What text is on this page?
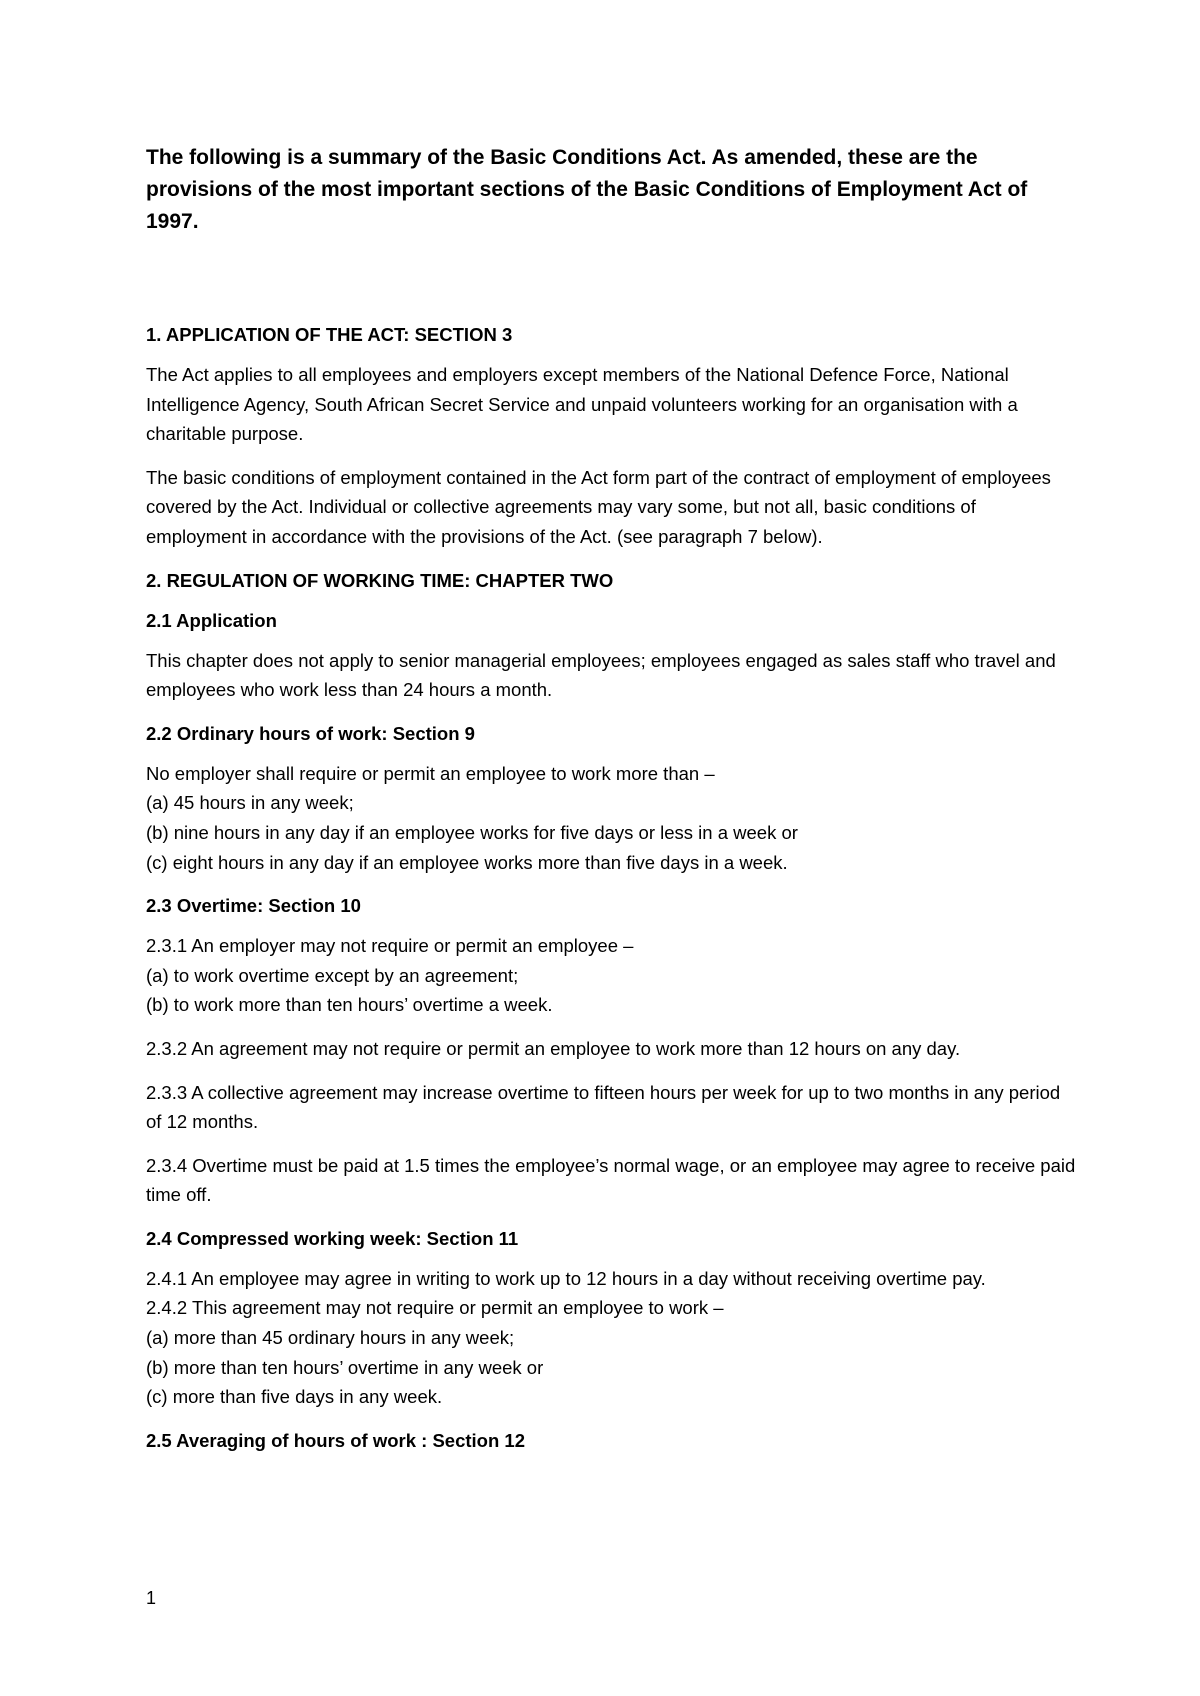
The following is a summary of the Basic Conditions Act. As amended, these are the provisions of the most important sections of the Basic Conditions of Employment Act of 1997.

1. APPLICATION OF THE ACT: SECTION 3

The Act applies to all employees and employers except members of the National Defence Force, National Intelligence Agency, South African Secret Service and unpaid volunteers working for an organisation with a charitable purpose.

The basic conditions of employment contained in the Act form part of the contract of employment of employees covered by the Act. Individual or collective agreements may vary some, but not all, basic conditions of employment in accordance with the provisions of the Act. (see paragraph 7 below).

2. REGULATION OF WORKING TIME: CHAPTER TWO

2.1 Application

This chapter does not apply to senior managerial employees; employees engaged as sales staff who travel and employees who work less than 24 hours a month.

2.2 Ordinary hours of work: Section 9

No employer shall require or permit an employee to work more than –
(a) 45 hours in any week;
(b) nine hours in any day if an employee works for five days or less in a week or
(c) eight hours in any day if an employee works more than five days in a week.

2.3 Overtime: Section 10

2.3.1 An employer may not require or permit an employee –
(a) to work overtime except by an agreement;
(b) to work more than ten hours’ overtime a week.

2.3.2 An agreement may not require or permit an employee to work more than 12 hours on any day.

2.3.3 A collective agreement may increase overtime to fifteen hours per week for up to two months in any period of 12 months.

2.3.4 Overtime must be paid at 1.5 times the employee’s normal wage, or an employee may agree to receive paid time off.

2.4 Compressed working week: Section 11

2.4.1 An employee may agree in writing to work up to 12 hours in a day without receiving overtime pay.
2.4.2 This agreement may not require or permit an employee to work –
(a) more than 45 ordinary hours in any week;
(b) more than ten hours’ overtime in any week or
(c) more than five days in any week.

2.5 Averaging of hours of work : Section 12

1
